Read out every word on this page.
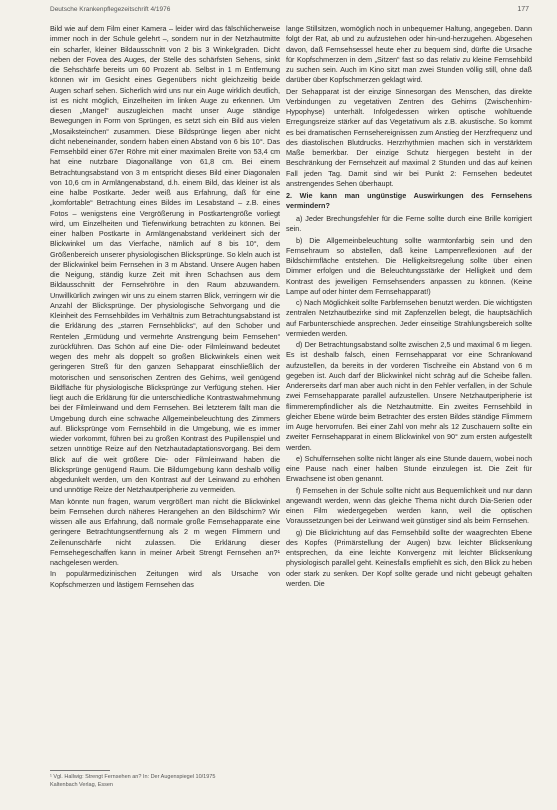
Deutsche Krankenpflegezeitschrift 4/1976	177

Bild wie auf dem Film einer Kamera – leider wird das fälschlicherweise immer noch in der Schule gelehrt –, sondern nur in der Netzhautmitte ein scharfer, kleiner Bildausschnitt von 2 bis 3 Winkelgraden. Dicht neben der Fovea des Auges, der Stelle des schärfsten Sehens, sinkt die Sehschärfe bereits um 60 Prozent ab. Selbst in 1 m Entfernung können wir im Gesicht eines Gegenübers nicht gleichzeitig beide Augen scharf sehen. Sicherlich wird uns nur ein Auge wirklich deutlich, ist es nicht möglich, Einzelheiten im linken Auge zu erkennen. Um diesen „Mangel“ auszugleichen macht unser Auge ständige Bewegungen in Form von Sprüngen, es setzt sich ein Bild aus vielen „Mosaiksteinchen“ zusammen. Diese Bildsprünge liegen aber nicht dicht nebeneinander, sondern haben einen Abstand von 6 bis 10°. Das Fernsehbild einer 67er Röhre mit einer maximalen Breite von 53,4 cm hat eine nutzbare Diagonallänge von 61,8 cm. Bei einem Betrachtungsabstand von 3 m entspricht dieses Bild einer Diagonalen von 10,6 cm in Armlängenabstand, d.h. einem Bild, das kleiner ist als eine halbe Postkarte. Jeder weiß aus Erfahrung, daß für eine „komfortable“ Betrachtung eines Bildes im Lesabstand – z.B. eines Fotos – wenigstens eine Vergrößerung in Postkartengröße vorliegt wird, um Einzelheiten und Tiefenwirkung betrachten zu können. Bei einer halben Postkarte in Armlängenabstand verkleinert sich der Blickwinkel um das Vierfache, nämlich auf 8 bis 10°, dem Größenbereich unserer physiologischen Blicksprünge. So kleln auch ist der Blickwinkel beim Fernsehen in 3 m Abstand. Unsere Augen haben die Neigung, ständig kurze Zeit mit ihren Schachsen aus dem Bildausschnitt der Fernsehröhre in den Raum abzuwandern. Unwillkürlich zwingen wir uns zu einem starren Blick, verringern wir die Anzahl der Blicksprünge. Der physiologische Sehvorgang und die Kleinheit des Fernsehbildes im Verhältnis zum Betrachtungsabstand ist die Erklärung des „starren Fernsehblicks“, auf den Schober und Rentelen „Ermüdung und vermehrte Anstrengung beim Fernsehen“ zurückführen. Das Schön auf eine Die- oder Filmleinwand bedeutet wegen des mehr als doppelt so großen Blickwinkels einen weit geringeren Streß für den ganzen Sehapparat einschließlich der motorischen und sensorischen Zentren des Gehirns, weil genügend Bildfläche für physiologische Blicksprünge zur Verfügung stehen. Hier liegt auch die Erklärung für die unterschiedliche Kontrastwahrnehmung bei der Filmleinwand und dem Fernsehen. Bei letzterem fällt man die Umgebung durch eine schwache Allgemeinbeleuchtung des Zimmers auf. Blicksprünge vom Fernsehbild in die Umgebung, wie es immer wieder vorkommt, führen bei zu großen Kontrast des Pupillenspiel und setzen unnötige Reize auf den Netzhautadaptationsvorgang. Bei dem Blick auf die weit größere Die- oder Filmleinwand haben die Blicksprünge genügend Raum. Die Bildumgebung kann deshalb völlig abgedunkelt werden, um den Kontrast auf der Leinwand zu erhöhen und unnötige Reize der Netzhautperipherie zu vermeiden.

Man könnte nun fragen, warum vergrößert man nicht die Blickwinkel beim Fernsehen durch näheres Herangehen an den Bildschirm? Wir wissen alle aus Erfahrung, daß normale große Fernsehapparate eine geringere Betrachtungsentfernung als 2 m wegen Flimmern und Zeilenunschärfe nicht zulassen. Die Erklärung dieser Fernsehegeschaffen kann in meiner Arbeit Strengt Fernsehen an?¹ nachgelesen werden.

In populärmedizinischen Zeitungen wird als Ursache von Kopfschmerzen und lästigem Fernsehen das

lange Stillsitzen, womöglich noch in unbequemer Haltung, angegeben. Dann folgt der Rat, ab und zu aufzustehen oder hin-und-herzugehen. Abgesehen davon, daß Fernsehsessel heute eher zu bequem sind, dürfte die Ursache für Kopfschmerzen in dem „Sitzen“ fast so das relativ zu kleine Fernsehbild zu suchen sein. Auch im Kino sitzt man zwei Stunden völlig still, ohne daß darüber über Kopfschmerzen geklagt wird.

Der Sehapparat ist der einzige Sinnesorgan des Menschen, das direkte Verbindungen zu vegetativen Zentren des Gehirns (Zwischenhirn-Hypophyse) unterhält. Infolgedessen wirken optische wohltuende Erregungsreize stärker auf das Vegetativum als z.B. akustische. So kommt es bei dramatischen Fernsehereignissen zum Anstieg der Herzfrequenz und des diastolischen Blutdrucks. Herzrhythmien machen sich in verstärktem Maße bemerkbar. Der einzige Schutz hiergegen besteht in der Beschränkung der Fernsehzeit auf maximal 2 Stunden und das auf keinen Fall jeden Tag. Damit sind wir bei Punkt 2: Fernsehen bedeutet anstrengendes Sehen überhaupt.

2. Wie kann man ungünstige Auswirkungen des Fernsehens vermindern?

a) Jeder Brechungsfehler für die Ferne sollte durch eine Brille korrigiert sein.

b) Die Allgemeinbeleuchtung sollte warmtonfarbig sein und den Fernsehraum so abstellen, daß keine Lampenreflexionen auf der Bildschirmfläche entstehen. Die Helligkeitsregelung sollte über einen Dimmer erfolgen und die Beleuchtungsstärke der Helligkeit und dem Kontrast des jeweiligen Fernsehsenders anpassen zu können. (Keine Lampe auf oder hinter dem Fernsehapparat!)

c) Nach Möglichkeit sollte Farbfernsehen benutzt werden. Die wichtigsten zentralen Netzhautbezirke sind mit Zapfenzellen belegt, die hauptsächlich auf Farbunterschiede ansprechen. Jeder einseitige Strahlungsbereich sollte vermieden werden.

d) Der Betrachtungsabstand sollte zwischen 2,5 und maximal 6 m liegen. Es ist deshalb falsch, einen Fernsehapparat vor eine Schrankwand aufzustellen, da bereits in der vorderen Tischreihe ein Abstand von 6 m gegeben ist. Auch darf der Blickwinkel nicht schräg auf die Scheibe fallen. Andererseits darf man aber auch nicht in den Fehler verfallen, in der Schule zwei Fernsehapparate parallel aufzustellen. Unsere Netzhautperipherie ist flimmerempfindlicher als die Netzhautmitte. Ein zweites Fernsehbild in gleicher Ebene würde beim Betrachter des ersten Bildes ständige Flimmern im Auge hervorrufen. Bei einer Zahl von mehr als 12 Zuschauern sollte ein zweiter Fernsehapparat in einem Blickwinkel von 90° zum ersten aufgestellt werden.

e) Schulfernsehen sollte nicht länger als eine Stunde dauern, wobei noch eine Pause nach einer halben Stunde einzulegen ist. Die Zeit für Erwachsene ist oben genannt.

f) Fernsehen in der Schule sollte nicht aus Bequemlichkeit und nur dann angewandt werden, wenn das gleiche Thema nicht durch Dia-Serien oder einen Film wiedergegeben werden kann, weil die optischen Voraussetzungen bei der Leinwand weit günstiger sind als beim Fernsehen.

g) Die Blickrichtung auf das Fernsehbild sollte der waagrechten Ebene des Kopfes (Primärstellung der Augen) bzw. leichter Blicksenkung entsprechen, da eine leichte Konvergenz mit leichter Blicksenkung physiologisch parallel geht. Keinesfalls empfiehlt es sich, den Blick zu heben oder stark zu senken. Der Kopf sollte gerade und nicht gebeugt gehalten werden. Die

¹ Vgl. Hallwig: Strengt Fernsehen an? In: Der Augenspiegel 10/1975
Kaltenbach Verlag, Essen
